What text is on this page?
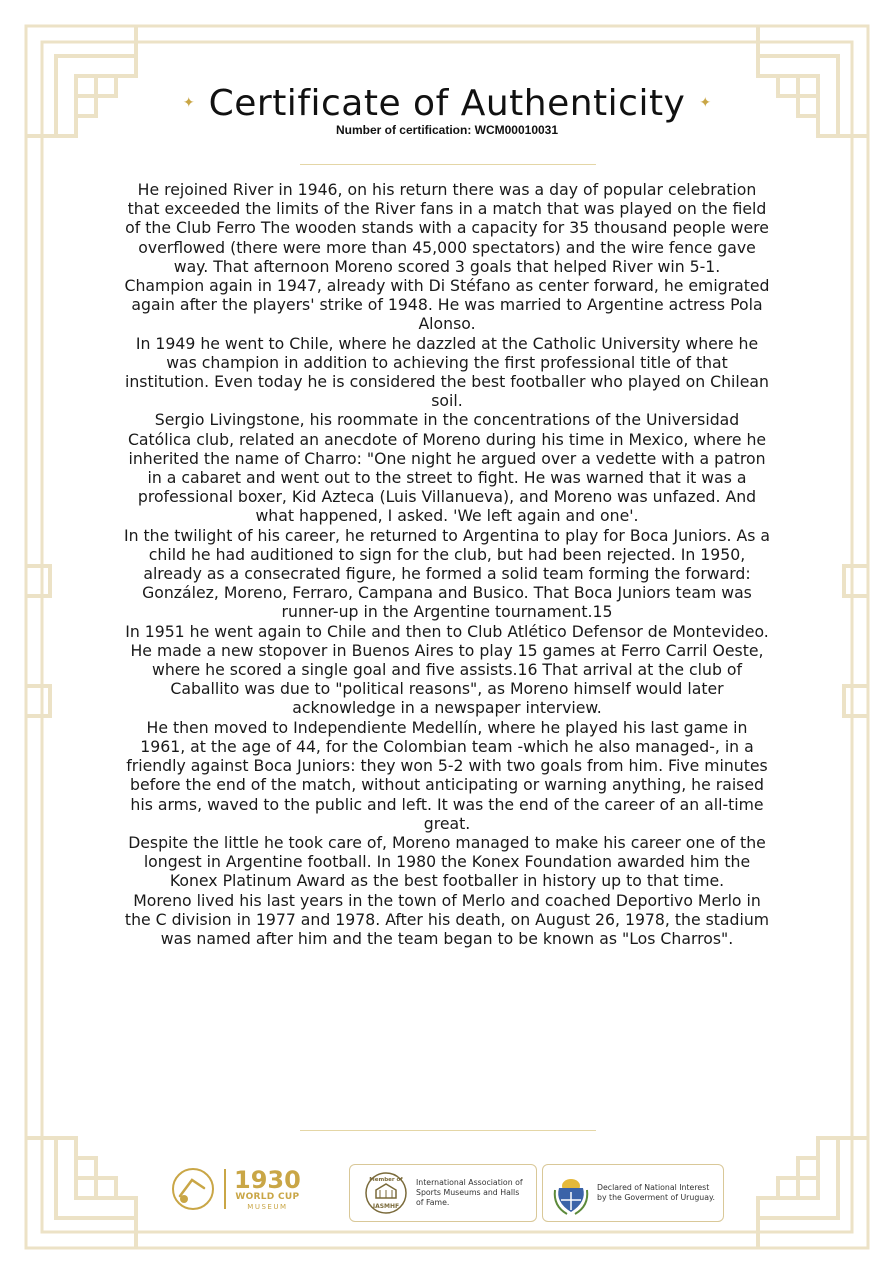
✦ Certificate of Authenticity ✦
Number of certification: WCM00010031

He rejoined River in 1946, on his return there was a day of popular celebration that exceeded the limits of the River fans in a match that was played on the field of the Club Ferro The wooden stands with a capacity for 35 thousand people were overflowed (there were more than 45,000 spectators) and the wire fence gave way. That afternoon Moreno scored 3 goals that helped River win 5-1.

Champion again in 1947, already with Di Stéfano as center forward, he emigrated again after the players' strike of 1948. He was married to Argentine actress Pola Alonso.

In 1949 he went to Chile, where he dazzled at the Catholic University where he was champion in addition to achieving the first professional title of that institution. Even today he is considered the best footballer who played on Chilean soil.

Sergio Livingstone, his roommate in the concentrations of the Universidad Católica club, related an anecdote of Moreno during his time in Mexico, where he inherited the name of Charro: "One night he argued over a vedette with a patron in a cabaret and went out to the street to fight. He was warned that it was a professional boxer, Kid Azteca (Luis Villanueva), and Moreno was unfazed. And what happened, I asked. 'We left again and one'.

In the twilight of his career, he returned to Argentina to play for Boca Juniors. As a child he had auditioned to sign for the club, but had been rejected. In 1950, already as a consecrated figure, he formed a solid team forming the forward: González, Moreno, Ferraro, Campana and Busico. That Boca Juniors team was runner-up in the Argentine tournament.15

In 1951 he went again to Chile and then to Club Atlético Defensor de Montevideo. He made a new stopover in Buenos Aires to play 15 games at Ferro Carril Oeste, where he scored a single goal and five assists.16 That arrival at the club of Caballito was due to "political reasons", as Moreno himself would later acknowledge in a newspaper interview.

He then moved to Independiente Medellín, where he played his last game in 1961, at the age of 44, for the Colombian team -which he also managed-, in a friendly against Boca Juniors: they won 5-2 with two goals from him. Five minutes before the end of the match, without anticipating or warning anything, he raised his arms, waved to the public and left. It was the end of the career of an all-time great.

Despite the little he took care of, Moreno managed to make his career one of the longest in Argentine football. In 1980 the Konex Foundation awarded him the Konex Platinum Award as the best footballer in history up to that time.

Moreno lived his last years in the town of Merlo and coached Deportivo Merlo in the C division in 1977 and 1978. After his death, on August 26, 1978, the stadium was named after him and the team began to be known as "Los Charros".

1930
WORLD CUP
MUSEUM
Member of
IASMHF
International Association of Sports Museums and Halls of Fame.
Declared of National Interest by the Goverment of Uruguay.
